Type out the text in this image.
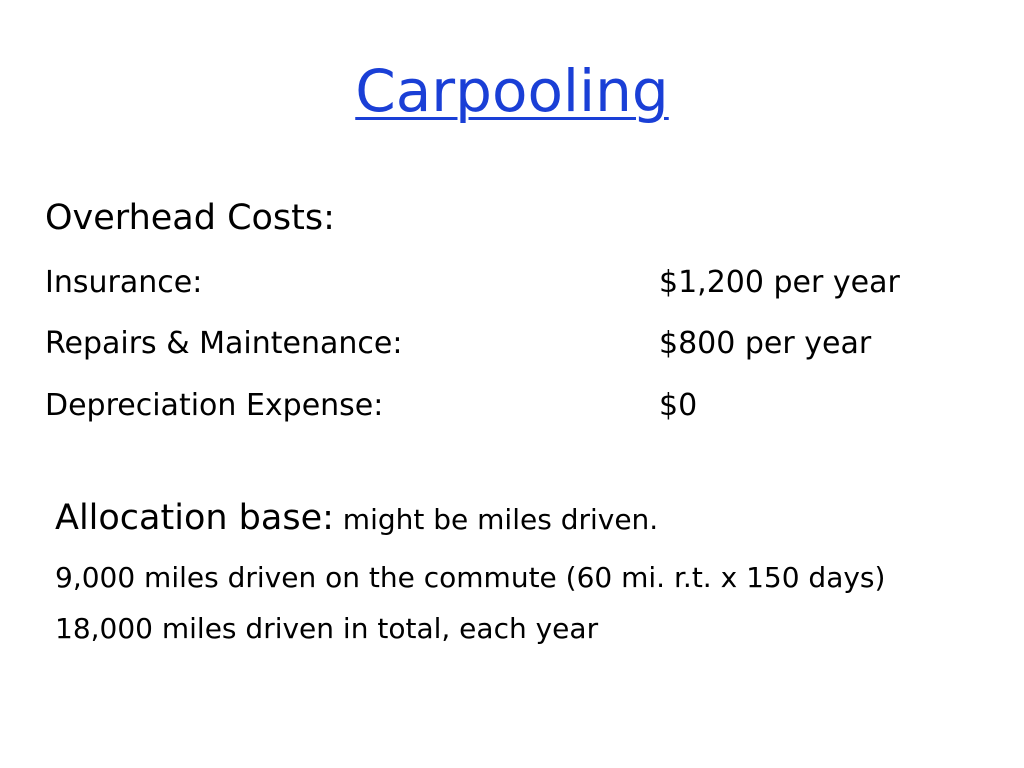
Carpooling
Overhead Costs:
Insurance:	$1,200 per year
Repairs & Maintenance:	$800 per year
Depreciation Expense:	$0

Allocation base: might be miles driven.

9,000 miles driven on the commute (60 mi. r.t. x 150 days)

18,000 miles driven in total, each year
